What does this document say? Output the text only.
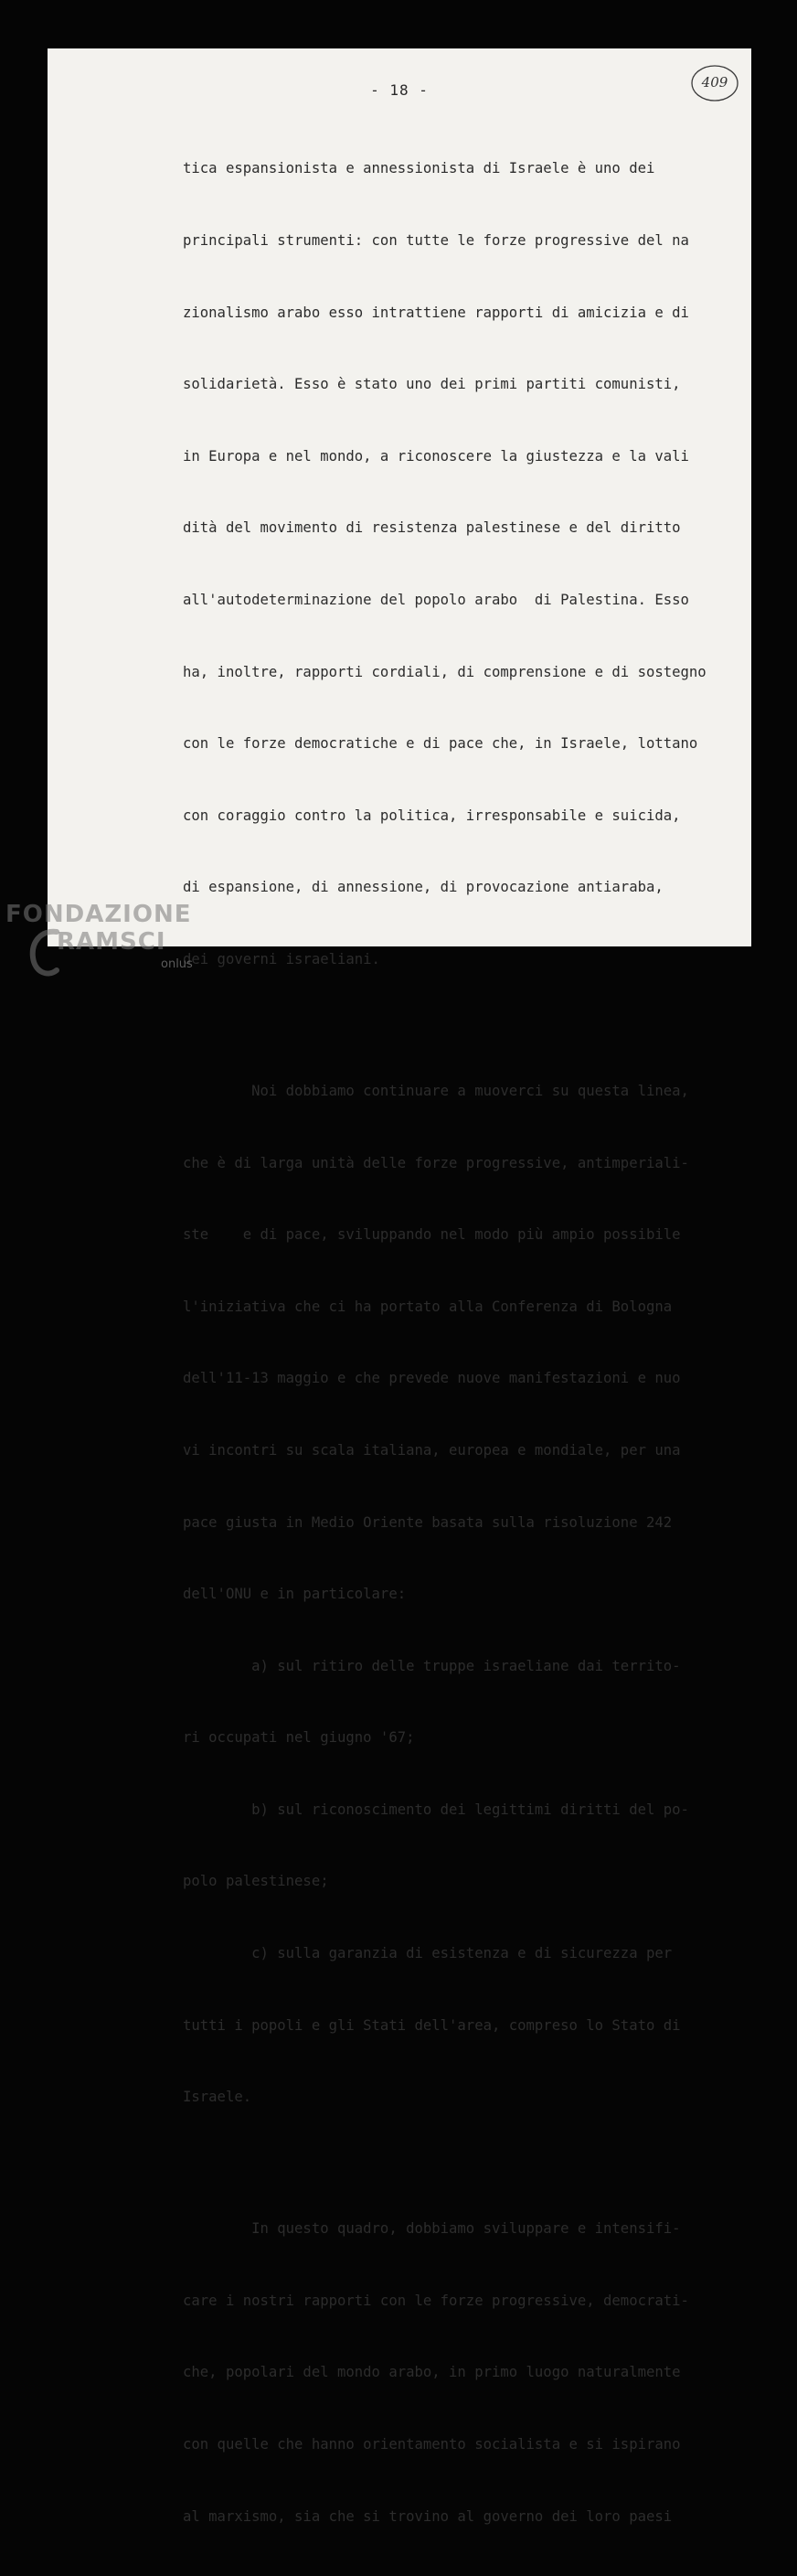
- 18 -	409

tica espansionista e annessionista di Israele è uno dei

principali strumenti: con tutte le forze progressive del na

zionalismo arabo esso intrattiene rapporti di amicizia e di

solidarietà. Esso è stato uno dei primi partiti comunisti,

in Europa e nel mondo, a riconoscere la giustezza e la vali

dità del movimento di resistenza palestinese e del diritto

all'autodeterminazione del popolo arabo  di Palestina. Esso

ha, inoltre, rapporti cordiali, di comprensione e di sostegno

con le forze democratiche e di pace che, in Israele, lottano

con coraggio contro la politica, irresponsabile e suicida,

di espansione, di annessione, di provocazione antiaraba,

dei governi israeliani.

Noi dobbiamo continuare a muoverci su questa linea,

che è di larga unità delle forze progressive, antimperiali-

ste    e di pace, sviluppando nel modo più ampio possibile

l'iniziativa che ci ha portato alla Conferenza di Bologna

dell'11-13 maggio e che prevede nuove manifestazioni e nuo

vi incontri su scala italiana, europea e mondiale, per una

pace giusta in Medio Oriente basata sulla risoluzione 242

dell'ONU e in particolare:

a) sul ritiro delle truppe israeliane dai territo-

ri occupati nel giugno '67;

b) sul riconoscimento dei legittimi diritti del po-

polo palestinese;

c) sulla garanzia di esistenza e di sicurezza per

tutti i popoli e gli Stati dell'area, compreso lo Stato di

Israele.

In questo quadro, dobbiamo sviluppare e intensifi-

care i nostri rapporti con le forze progressive, democrati-

che, popolari del mondo arabo, in primo luogo naturalmente

con quelle che hanno orientamento socialista e si ispirano

al marxismo, sia che si trovino al governo dei loro paesi

FONDAZIONE
RAMSCI
onlus
